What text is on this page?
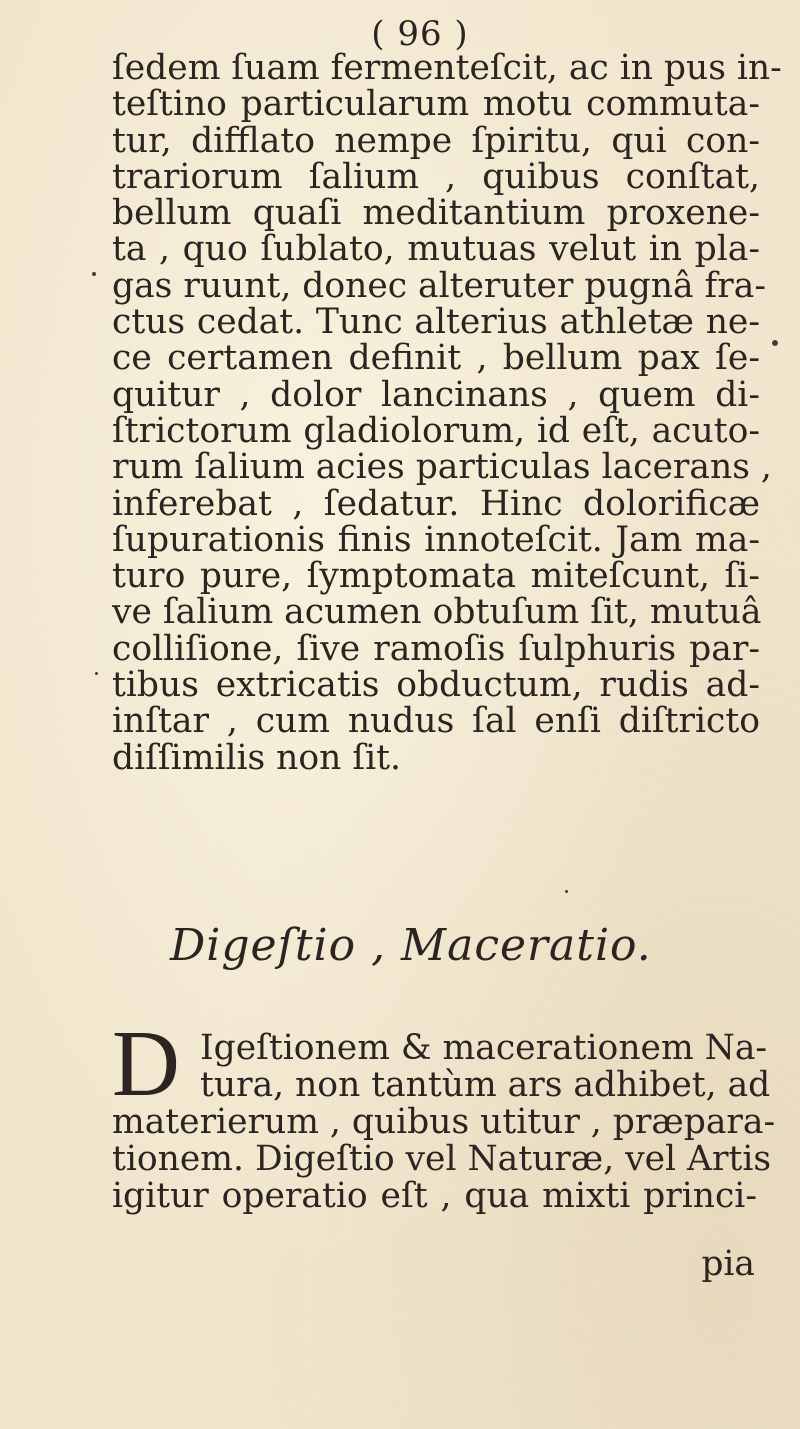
( 96 )
ſedem ſuam fermenteſcit, ac in pus in-
teſtino particularum motu commuta-
tur, difflato nempe ſpiritu, qui con-
trariorum ſalium , quibus conſtat,
bellum quaſi meditantium proxene-
ta , quo ſublato, mutuas velut in pla-
gas ruunt, donec alteruter pugnâ fra-
ctus cedat. Tunc alterius athletæ ne-
ce certamen definit , bellum pax ſe-
quitur , dolor lancinans , quem di-
ſtrictorum gladiolorum, id eſt, acuto-
rum ſalium acies particulas lacerans ,
inferebat , ſedatur. Hinc dolorificæ
ſupurationis finis innoteſcit. Jam ma-
turo pure, ſymptomata miteſcunt, ſi-
ve ſalium acumen obtuſum ſit, mutuâ
colliſione, ſive ramoſis ſulphuris par-
tibus extricatis obductum, rudis ad-
inſtar , cum nudus ſal enſi diſtricto
diſſimilis non ſit.
Digeſtio , Maceratio.
D Igeſtionem & macerationem Na-
tura, non tantùm ars adhibet, ad
materierum , quibus utitur , præpara-
tionem. Digeſtio vel Naturæ, vel Artis
igitur operatio eſt , qua mixti princi-
pia
